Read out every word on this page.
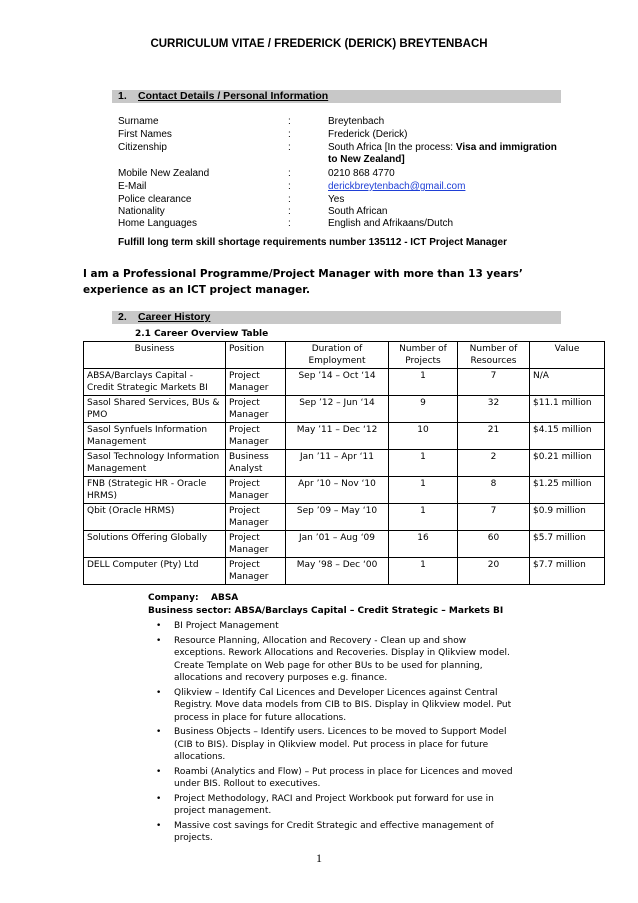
CURRICULUM VITAE / FREDERICK (DERICK) BREYTENBACH
1. Contact Details / Personal Information
Surname	:	Breytenbach
First Names	:	Frederick (Derick)
Citizenship	:	South Africa [In the process: Visa and immigration to New Zealand]
Mobile New Zealand	:	0210 868 4770
E-Mail	:	derickbreytenbach@gmail.com
Police clearance	:	Yes
Nationality	:	South African
Home Languages	:	English and Afrikaans/Dutch
Fulfill long term skill shortage requirements number 135112 - ICT Project Manager
I am a Professional Programme/Project Manager with more than 13 years’ experience as an ICT project manager.
2. Career History
2.1 Career Overview Table
Business	Position	Duration of Employment	Number of Projects	Number of Resources	Value
ABSA/Barclays Capital - Credit Strategic Markets BI	Project Manager	Sep ’14 – Oct ‘14	1	7	N/A
Sasol Shared Services, BUs & PMO	Project Manager	Sep ’12 – Jun ‘14	9	32	$11.1 million
Sasol Synfuels Information Management	Project Manager	May ’11 – Dec ‘12	10	21	$4.15 million
Sasol Technology Information Management	Business Analyst	Jan ’11 – Apr ‘11	1	2	$0.21 million
FNB (Strategic HR - Oracle HRMS)	Project Manager	Apr ’10 – Nov ‘10	1	8	$1.25 million
Qbit (Oracle HRMS)	Project Manager	Sep ’09 – May ‘10	1	7	$0.9 million
Solutions Offering Globally	Project Manager	Jan ’01 – Aug ‘09	16	60	$5.7 million
DELL Computer (Pty) Ltd	Project Manager	May ’98 – Dec ‘00	1	20	$7.7 million
Company: ABSA
Business sector: ABSA/Barclays Capital – Credit Strategic – Markets BI
• BI Project Management
• Resource Planning, Allocation and Recovery - Clean up and show exceptions. Rework Allocations and Recoveries. Display in Qlikview model. Create Template on Web page for other BUs to be used for planning, allocations and recovery purposes e.g. finance.
• Qlikview – Identify Cal Licences and Developer Licences against Central Registry. Move data models from CIB to BIS. Display in Qlikview model. Put process in place for future allocations.
• Business Objects – Identify users. Licences to be moved to Support Model (CIB to BIS). Display in Qlikview model. Put process in place for future allocations.
• Roambi (Analytics and Flow) – Put process in place for Licences and moved under BIS. Rollout to executives.
• Project Methodology, RACI and Project Workbook put forward for use in project management.
• Massive cost savings for Credit Strategic and effective management of projects.
1
